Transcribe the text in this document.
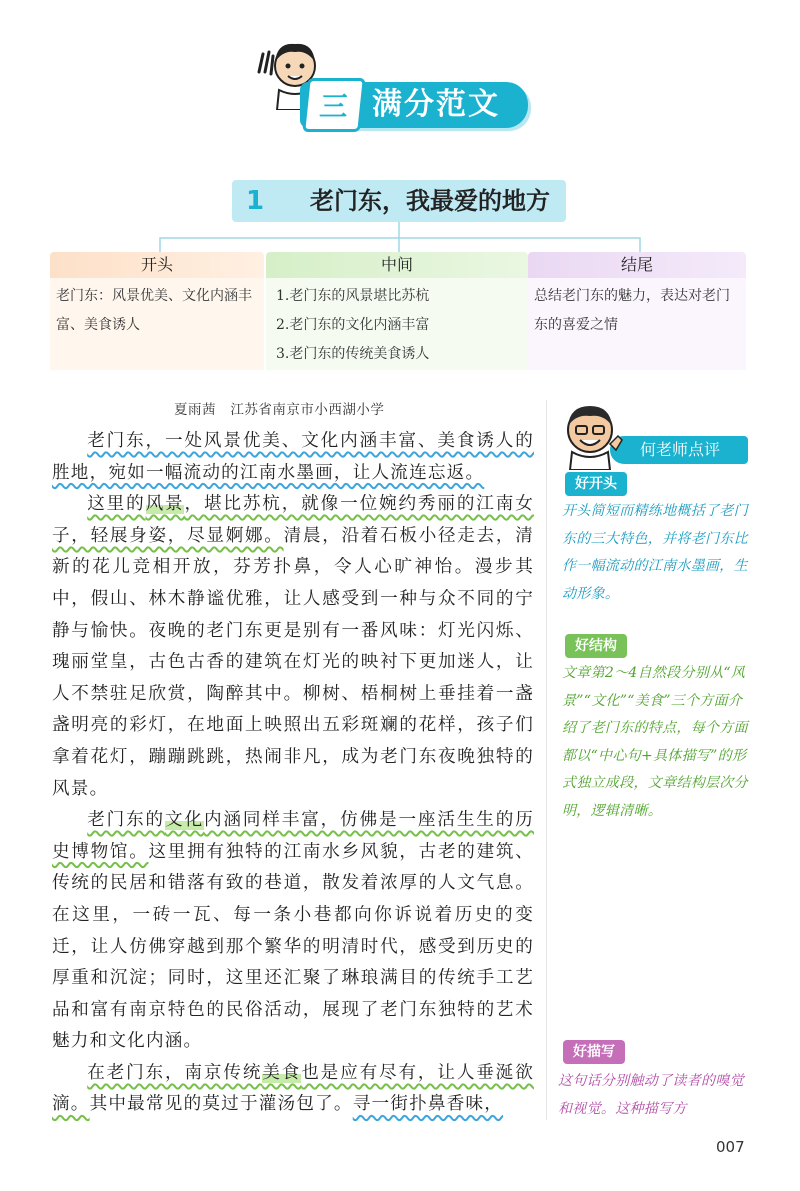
三 满分范文
1	老门东，我最爱的地方
开头
老门东：风景优美、文化内涵丰富、美食诱人
中间
1.老门东的风景堪比苏杭
2.老门东的文化内涵丰富
3.老门东的传统美食诱人
结尾
总结老门东的魅力，表达对老门东的喜爱之情
夏雨茜 江苏省南京市小西湖小学

老门东，一处风景优美、文化内涵丰富、美食诱人的胜地，宛如一幅流动的江南水墨画，让人流连忘返。

这里的风景，堪比苏杭，就像一位婉约秀丽的江南女子，轻展身姿，尽显婀娜。清晨，沿着石板小径走去，清新的花儿竞相开放，芬芳扑鼻，令人心旷神怡。漫步其中，假山、林木静谧优雅，让人感受到一种与众不同的宁静与愉快。夜晚的老门东更是别有一番风味：灯光闪烁、瑰丽堂皇，古色古香的建筑在灯光的映衬下更加迷人，让人不禁驻足欣赏，陶醉其中。柳树、梧桐树上垂挂着一盏盏明亮的彩灯，在地面上映照出五彩斑斓的花样，孩子们拿着花灯，蹦蹦跳跳，热闹非凡，成为老门东夜晚独特的风景。

老门东的文化内涵同样丰富，仿佛是一座活生生的历史博物馆。这里拥有独特的江南水乡风貌，古老的建筑、传统的民居和错落有致的巷道，散发着浓厚的人文气息。在这里，一砖一瓦、每一条小巷都向你诉说着历史的变迁，让人仿佛穿越到那个繁华的明清时代，感受到历史的厚重和沉淀；同时，这里还汇聚了琳琅满目的传统手工艺品和富有南京特色的民俗活动，展现了老门东独特的艺术魅力和文化内涵。

在老门东，南京传统美食也是应有尽有，让人垂涎欲滴。其中最常见的莫过于灌汤包了。寻一街扑鼻香味，

何老师点评
好开头
开头简短而精练地概括了老门东的三大特色，并将老门东比作一幅流动的江南水墨画，生动形象。
好结构
文章第2～4自然段分别从“风景”“文化”“美食”三个方面介绍了老门东的特点，每个方面都以“中心句+具体描写”的形式独立成段，文章结构层次分明，逻辑清晰。
好描写
这句话分别触动了读者的嗅觉和视觉。这种描写方
007
